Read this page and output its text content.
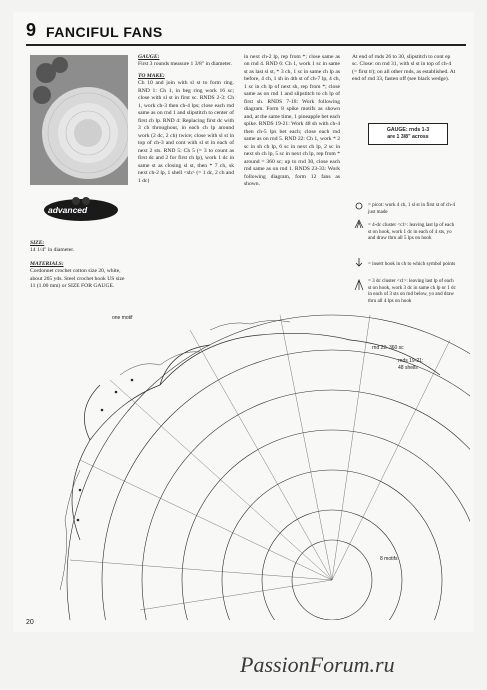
9 FANCIFUL FANS
advanced

SIZE:
14 1/4" in diameter.

MATERIALS:
Cordonnet crochet cotton size 20, white, about 265 yds. Steel crochet hook US size 11 (1.00 mm) or SIZE FOR GAUGE.

GAUGE:
First 3 rounds measure 1 3/8" in diameter.

TO MAKE:
Ch 10 and join with sl st to form ring. RND 1: Ch 1, in beg ring work 16 sc; close with sl st in first sc. RNDS 2-3: Ch 1, work ch-3 then ch-4 lps; close each rnd same as on rnd 1 and slipstitch to center of first ch lp. RND 4: Replacing first dc with 3 ch throughout, in each ch lp around work (2 dc, 2 ch) twice; close with sl st in top of ch-3 and cont with sl st in each of next 2 sts. RND 5: Ch 5 (= 3 to count as first dc and 2 for first ch lp), work 1 dc in same st as closing sl st, then * 7 ch, sk next ch-2 lp, 1 shell <sh> (= 1 dc, 2 ch and 1 dc)

in next ch-2 lp, rep from *; close same as on rnd 4. RND 6: Ch 1, work 1 sc in same st as last sl st, * 3 ch, 1 sc in same ch lp as before, 4 ch, 1 sh in 4th st of ch-7 lp, 4 ch, 1 sc in ch lp of next sh, rep from *; close same as on rnd 1 and slipstitch to ch lp of first sh. RNDS 7-18: Work following diagram. Form 8 spike motifs as shown and, at the same time, 1 pineapple bet each spike. RNDS 19-21: Work 48 sh with ch-4 then ch-5 lps bet each; close each rnd same as on rnd 5. RND 22: Ch 1, work * 2 sc in sh ch lp, 6 sc in next ch lp, 2 sc in next sh ch lp, 5 sc in next ch lp, rep from * around = 360 sc; up to rnd 30, close each rnd same as on rnd 1. RNDS 23-33: Work following diagram, form 12 fans as shown.

At end of rnds 26 to 30, slipstitch to cont ep sc. Close: on rnd 31, with sl st in top of ch-4 (= first tr); on all other rnds, as established. At end of rnd 33, fasten off (see black wedge).

GAUGE: rnds 1-3
are 1 3/8" across
= picot: work 4 ch, 1 sl st in first st of ch-4 just made
= 4-dc cluster <cl>: leaving last lp of each st on hook, work 1 dc in each of 4 sts, yo and draw thru all 5 lps on hook
= insert hook in ch to which symbol points
= 3 dc cluster <cl>: leaving last lp of each st on hook, work 3 dc in same ch lp or 1 dc in each of 3 sts on rnd below, yo and draw thru all 4 lps on hook
one motif
rnd 22: 360 sc
rnds 19-21:
48 shells
8 motifs
20
PassionForum.ru
